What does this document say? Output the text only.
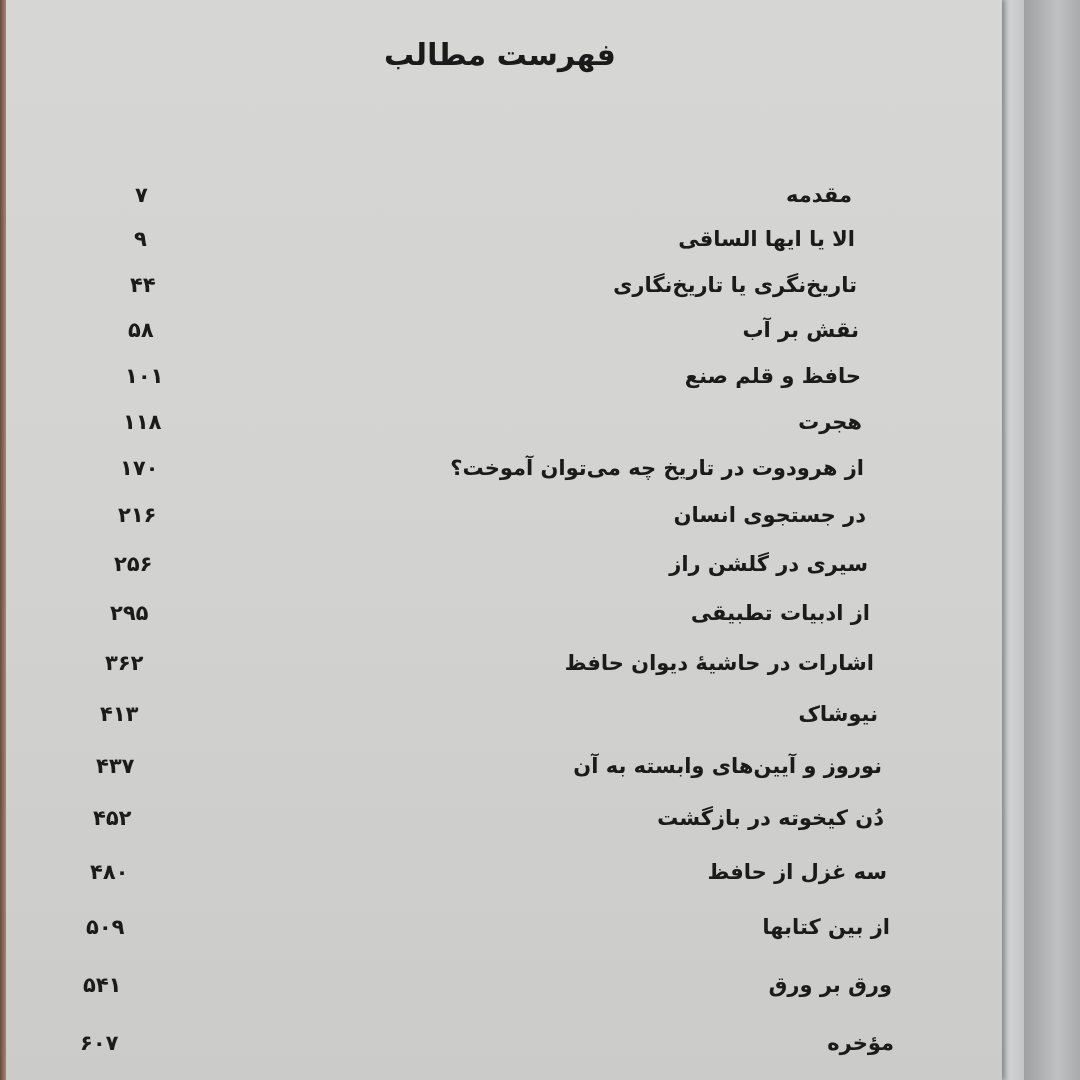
فهرست مطالب
مقدمه
۷
الا یا ایها الساقی
۹
تاریخ‌نگری یا تاریخ‌نگاری
۴۴
نقش بر آب
۵۸
حافظ و قلم صنع
۱۰۱
هجرت
۱۱۸
از هرودوت در تاریخ چه می‌توان آموخت؟
۱۷۰
در جستجوی انسان
۲۱۶
سیری در گلشن راز
۲۵۶
از ادبیات تطبیقی
۲۹۵
اشارات در حاشیهٔ دیوان حافظ
۳۶۲
نیوشاک
۴۱۳
نوروز و آیین‌های وابسته به آن
۴۳۷
دُن کیخوته در بازگشت
۴۵۲
سه غزل از حافظ
۴۸۰
از بین کتابها
۵۰۹
ورق بر ورق
۵۴۱
مؤخره
۶۰۷
